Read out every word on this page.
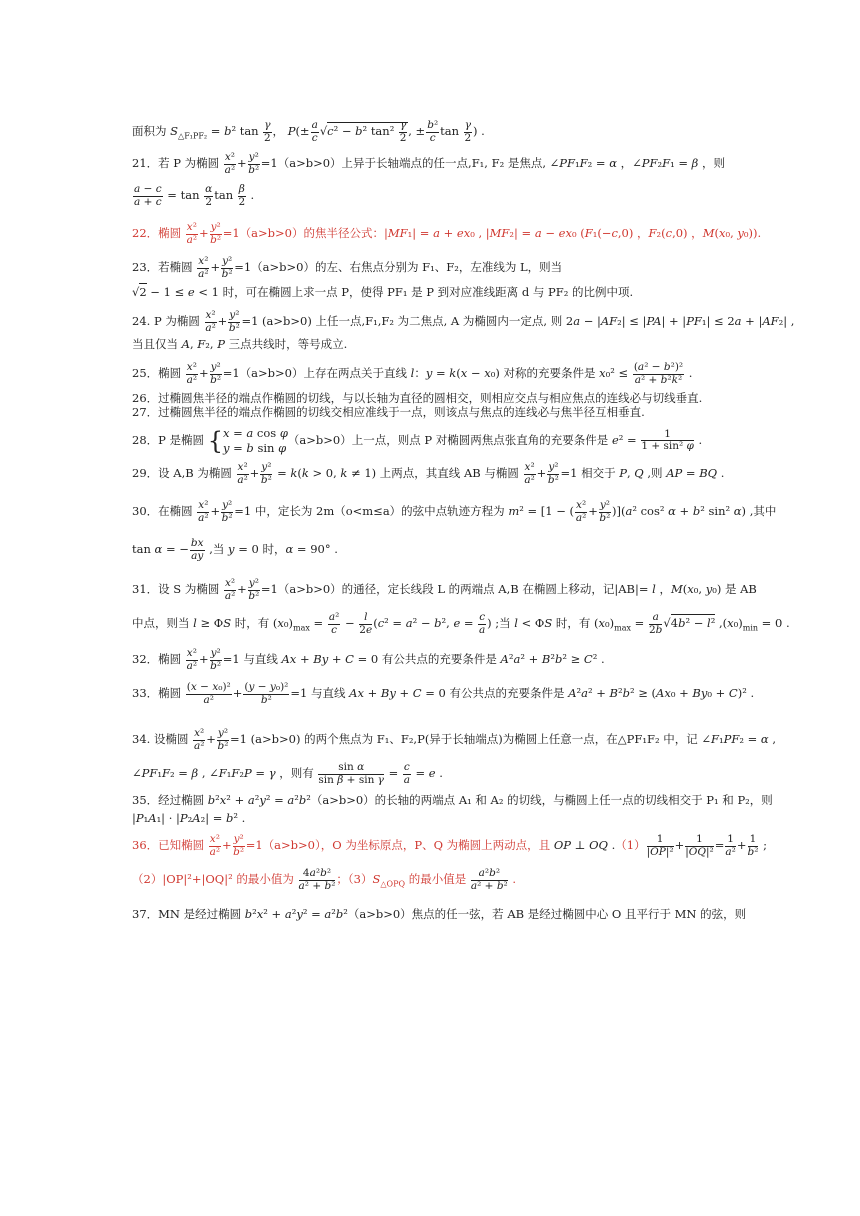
面积为 $S_{\triangle F_1PF_2} = b^2$ $\tan \frac{\gamma}{2}$ ， $P(\pm \frac{a}{c} √c^2 - b^2$ $\tan^2 \frac{\gamma}{2}$ , ± $\frac{\text{b²}}{c}$ $\tan \frac{\gamma}{2}$ ) .
21．若 P 为椭圆 $\frac{\text{x²}}{\text{a²}} + \frac{\text{y²}}{\text{b²}} =1(a>b>0)$上异于长轴端点的任一点,F₁, F₂ 是焦点, ∠PF₁F₂ = α ，∠PF₂F₁ = β ，则
$\frac{a - c}{a + c} = \tan \frac{\alpha}{2}$ $\tan \frac{\beta}{2}$ .
22．椭圆 $\frac{\text{x²}}{\text{a²}} + \frac{\text{y²}}{\text{b²}} =1(a>b>0)$的焦半径公式：|MF₁| = a + ex₀ , |MF₂| = a − ex₀ (F₁(−c,0) ，F₂(c,0) ，M(x₀, y₀)).
23．若椭圆 $\frac{\text{x²}}{\text{a²}} + \frac{\text{y²}}{\text{b²}} =1(a>b>0)$的左、右焦点分别为 F₁、F₂，左准线为 L，则当
√2 − 1 ≤ e < 1 时，可在椭圆上求一点 P，使得 PF₁ 是 P 到对应准线距离 d 与 PF₂ 的比例中项.
24. P 为椭圆 $\frac{\text{x²}}{\text{a²}} + \frac{\text{y²}}{\text{b²}} =1$ (a>b>0) 上任一点,F₁,F₂ 为二焦点, A 为椭圆内一定点, 则 2a − |AF₂| ≤ |PA| + |PF₁| ≤ 2a + |AF₂| ,
当且仅当 A, F₂, P 三点共线时，等号成立.
25．椭圆 $\frac{\text{x²}}{\text{a²}} + \frac{\text{y²}}{\text{b²}} =1(a>b>0)$上存在两点关于直线 l：y = k(x − x₀) 对称的充要条件是 $x_0^2 \le \frac{\text{(a² − b²)²}}{\text{a² + b²k²}}$ .
26．过椭圆焦半径的端点作椭圆的切线，与以长轴为直径的圆相交，则相应交点与相应焦点的连线必与切线垂直.
27．过椭圆焦半径的端点作椭圆的切线交相应准线于一点，则该点与焦点的连线必与焦半径互相垂直.
28．P 是椭圆 { x = a cos φ
y = b sin φ
（a>b>0）上一点，则点 P 对椭圆两焦点张直角的充要条件是 $e^2 = \frac{1}{\text{1 + sin² φ}}$ .
29．设 A,B 为椭圆 $\frac{\text{x²}}{\text{a²}} + \frac{\text{y²}}{\text{b²}} = k(k > 0$, k ≠ 1) 上两点，其直线 AB 与椭圆 $\frac{\text{x²}}{\text{a²}} + \frac{\text{y²}}{\text{b²}} =1$ 相交于 P, Q ,则 AP = BQ .
30．在椭圆 $\frac{\text{x²}}{\text{a²}} + \frac{\text{y²}}{\text{b²}} =1$ 中，定长为 2m（o<m≤a）的弦中点轨迹方程为 m² = [1 − ( $\frac{\text{x²}}{\text{a²}} + \frac{\text{y²}}{\text{b²}} )](a^2$ cos² α + b² sin² α) ,其中
tan α = − $\frac{bx}{ay}$ ,当 y = 0 时，α = 90° .
31．设 S 为椭圆 $\frac{\text{x²}}{\text{a²}} + \frac{\text{y²}}{\text{b²}} =1(a>b>0)$的通径，定长线段 L 的两端点 A,B 在椭圆上移动，记|AB|= l ，M(x₀, y₀) 是 AB
中点，则当 l ≥ ΦS 时，有 $(x_0)_{max} = \frac{\text{a²}}{c} - \frac{l}{2e} (c^2 = a^2 - b^2$, $e = \frac{c}{a}$ ) ;当 l < ΦS 时，有 $(x_0)_{max} = \frac{a}{2b} √4b^2 - l^2$ $,(x_0)_{min} = 0$ .
32．椭圆 $\frac{\text{x²}}{\text{a²}} + \frac{\text{y²}}{\text{b²}} =1$ 与直线 Ax + By + C = 0 有公共点的充要条件是 A²a² + B²b² ≥ C² .
33．椭圆 $\frac{\text{(x − x₀)²}}{\text{a²}} + \frac{\text{(y − y₀)²}}{\text{b²}} =1$ 与直线 Ax + By + C = 0 有公共点的充要条件是 A²a² + B²b² ≥ (Ax₀ + By₀ + C)² .
34. 设椭圆 $\frac{\text{x²}}{\text{a²}} + \frac{\text{y²}}{\text{b²}} =1$ (a>b>0) 的两个焦点为 F₁、F₂,P(异于长轴端点)为椭圆上任意一点，在△PF₁F₂ 中，记 ∠F₁PF₂ = α ,
∠PF₁F₂ = β , ∠F₁F₂P = γ ，则有 $\frac{\text{sin α}}{\text{sin β + sin γ}} = \frac{c}{a} = e$ .
35．经过椭圆 b²x² + a²y² = a²b²（a>b>0）的长轴的两端点 A₁ 和 A₂ 的切线，与椭圆上任一点的切线相交于 P₁ 和 P₂，则
|P₁A₁| · |P₂A₂| = b² .
36．已知椭圆 $\frac{\text{x²}}{\text{a²}} + \frac{\text{y²}}{\text{b²}} =1(a>b>0)$，O 为坐标原点，P、Q 为椭圆上两动点，且 OP ⊥ OQ $.(1) \frac{1}{\text{|OP|²}} + \frac{1}{\text{|OQ|²}} = \frac{1}{\text{a²}} + \frac{1}{\text{b²}}$ ;
（2）|OP|²+|OQ|² 的最小值为 $\frac{\text{4a²b²}}{\text{a² + b²}}$ ；$(3)S_{\triangle OPQ}$ 的最小值是 $\frac{\text{a²b²}}{\text{a² + b²}}$ .
37．MN 是经过椭圆 b²x² + a²y² = a²b²（a>b>0）焦点的任一弦，若 AB 是经过椭圆中心 O 且平行于 MN 的弦，则
